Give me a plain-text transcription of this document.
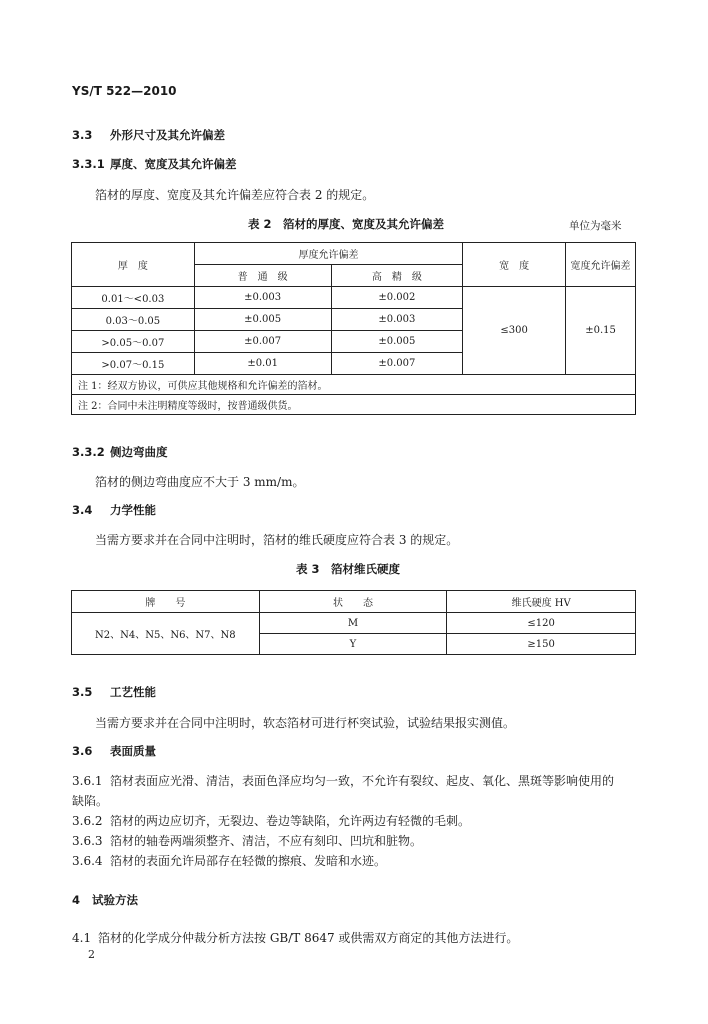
YS/T 522—2010
3.3 外形尺寸及其允许偏差
3.3.1 厚度、宽度及其允许偏差
箔材的厚度、宽度及其允许偏差应符合表 2 的规定。
表 2　箔材的厚度、宽度及其允许偏差	单位为毫米
厚　度	厚度允许偏差		宽　度	宽度允许偏差
	普　通　级	高　精　级		
0.01～<0.03	±0.003	±0.002	≤300	±0.15
0.03～0.05	±0.005	±0.003		
>0.05～0.07	±0.007	±0.005		
>0.07～0.15	±0.01	±0.007		
注 1：经双方协议，可供应其他规格和允许偏差的箔材。				
注 2：合同中未注明精度等级时，按普通级供货。				
3.3.2 侧边弯曲度
箔材的侧边弯曲度应不大于 3 mm/m。
3.4 力学性能
当需方要求并在合同中注明时，箔材的维氏硬度应符合表 3 的规定。
表 3　箔材维氏硬度
牌　　号	状　　态	维氏硬度 HV
N2、N4、N5、N6、N7、N8	M	≤120
	Y	≥150
3.5 工艺性能
当需方要求并在合同中注明时，软态箔材可进行杯突试验，试验结果报实测值。
3.6 表面质量
3.6.1 箔材表面应光滑、清洁，表面色泽应均匀一致，不允许有裂纹、起皮、氧化、黑斑等影响使用的
缺陷。
3.6.2 箔材的两边应切齐，无裂边、卷边等缺陷，允许两边有轻微的毛刺。
3.6.3 箔材的轴卷两端须整齐、清洁，不应有刻印、凹坑和脏物。
3.6.4 箔材的表面允许局部存在轻微的擦痕、发暗和水迹。
4 试验方法
4.1 箔材的化学成分仲裁分析方法按 GB/T 8647 或供需双方商定的其他方法进行。
2
